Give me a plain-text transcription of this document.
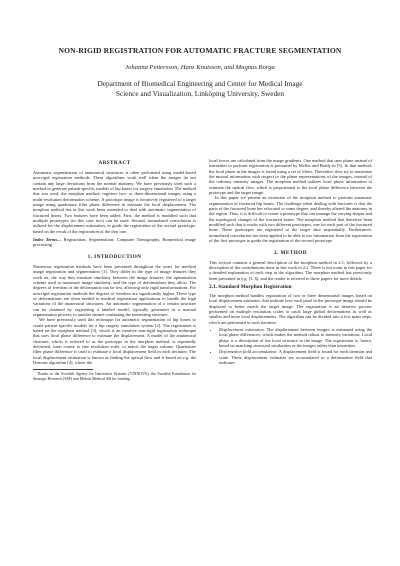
NON-RIGID REGISTRATION FOR AUTOMATIC FRACTURE SEGMENTATION
Johanna Pettersson, Hans Knutsson, and Magnus Borga
Department of Biomedical Engineering and Center for Medical Image
Science and Visualization, Linköping University, Sweden
ABSTRACT

Automatic segmentation of anatomical structures is often performed using model-based non-rigid registration methods. These algorithms work well when the images do not contain any large deviations from the normal anatomy. We have previously used such a method to generate patient specific models of hip bones for surgery simulation. The method that was used, the morphon method, registers two- or three-dimensional images using a multi-resolution deformation scheme. A prototype image is iteratively registered to a target image using quadrature filter phase difference to estimate the local displacement. The morphon method has in this work been extended to deal with automatic segmentation of fractured bones. Two features have been added. First, the method is modified such that multiple prototypes (in this case two) can be used. Second, normalized convolution is utilized for the displacement estimation, to guide the registration of the second prototype, based on the result of the registration of the first one.

Index Terms— Registration, Segmentation, Computer Tomography, Biomedical image processing

1. INTRODUCTION

Numerous registration methods have been presented throughout the years for medical image registration and segmentation [1]. They differ in the type of image features they work on, the way they measure similarity between the image features, the optimization scheme used to maximize image similarity, and the type of deformations they allow. The degrees of freedom of the deformation can be low, allowing only rigid transformations. For non-rigid registration methods the degrees of freedom are significantly higher. These type of deformations are often needed in medical registration applications to handle the high variations of the anatomical structures. An automatic segmentation of a certain structure can be obtained by registering a labeled model, typically generated in a manual segmentation process, to another dataset containing the interesting structure.

We have previously used this technique for automatic segmentation of hip bones to create patient specific models for a hip surgery simulation system [2]. The registration is based on the morphon method [3], which is an iterative non-rigid registration technique that uses local phase difference to estimate the displacement. A model of the anatomical structure, which is referred to as the prototype in the morphon method, is repeatedly deformed, from coarse to fine resolution scale, to match the target volume. Quadrature filter phase difference is used to estimate a local displacement field in each iteration. The local displacement estimation is known as finding the optical flow and is based on e.g. the Demons algorithm [4], where the

Thanks to the Swedish Agency for Innovation Systems (VINNOVA), the Swedish Foundation for Strategic Research (SSF) and Melerit Medical AB for funding.

local forces are calculated from the image gradients. One method that uses phase instead of intensities to perform registration is presented by Mellor and Brady in [5]. In that method, the local phase in the images is found using a set of filters. Thereafter, they try to maximize the mutual information with respect to the phase representations of the images, instead of the ordinary intensity images. The morphon method utilizes local phase information to estimate the optical flow, which is proportional to the local phase difference between the prototype and the target image.

In this paper we present an extension of the morphon method to perform automatic segmentation of fractured hip bones. The challenge when dealing with fractures is that the parts of the fractured bone has relocated to some degree, and thereby altered the anatomy in the region. Thus, it is difficult to create a prototype that can manage the varying shapes and the topological changes of the fractured bones. The morphon method that therefore been modified such that it works with two different prototypes, one for each part of the fractured bone. These prototypes are registered to the target data sequentially. Furthermore, normalized convolution has been applied to be able to use information from the registration of the first prototype to guide the registration of the second prototype.

2. METHOD

This section contains a general description of the morphon method in 2.1, followed by a description of the contributions done in this work in 2.2. There is not room in this paper for a detailed explanation of each step in the algorithm. The morphon method has previously been presented in e.g. [3, 6], and the reader is referred to these papers for more details.

2.1. Standard Morphon Registration

The morphon method handles registration of two or three dimensional images based on local displacement estimates, that indicate how each pixel in the prototype image should be displaced to better match the target image. The registration is an iterative process performed on multiple resolution scales to catch large global deformations as well as smaller and more local displacements. The algorithm can be divided into a few main steps, which are performed in each iteration:

• Displacement estimation. The displacement between images is estimated using the local phase differences, which makes the method robust to intensity variations. Local phase is a description of the local structure in the image. The registration is, hence, based on matching structural similarities in the images rather than intensities.
• Deformation field accumulation. A displacement field is found for each iteration and scale. These displacement estimates are accumulated to a deformation field that indicates
